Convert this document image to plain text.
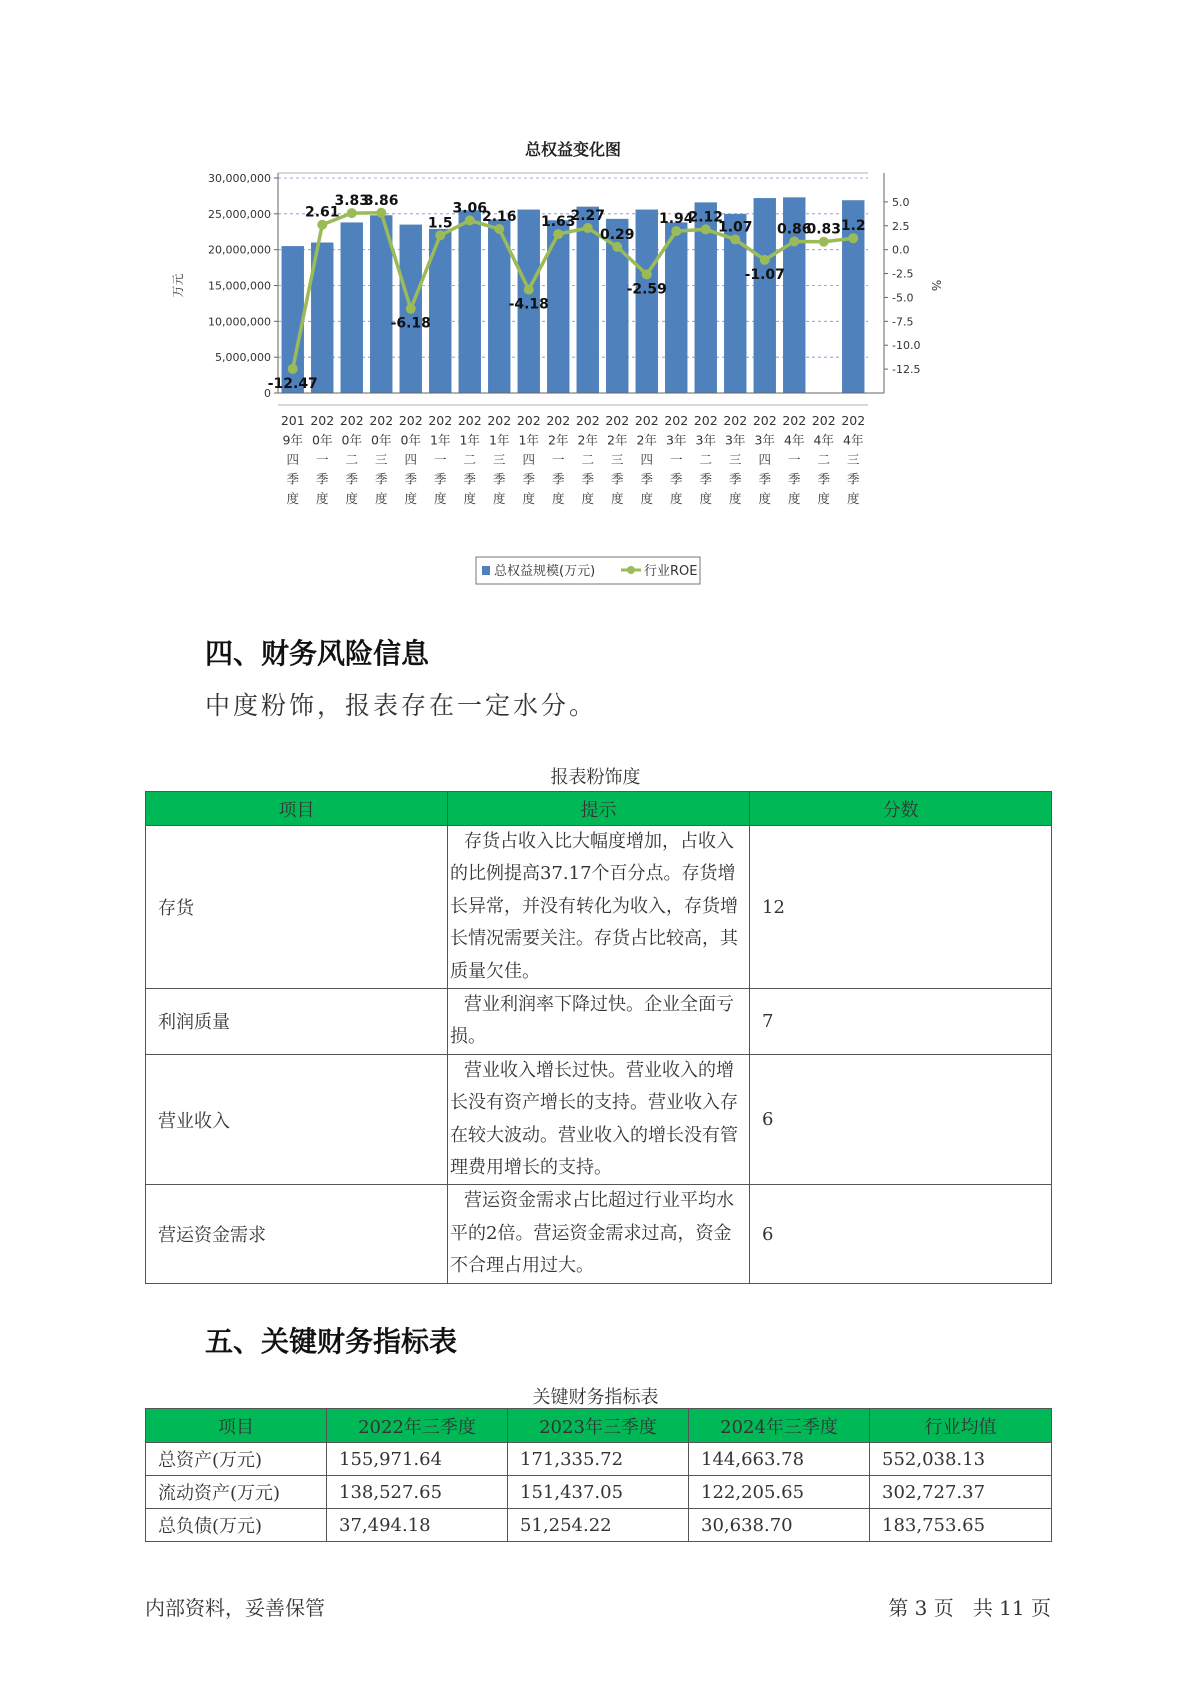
总权益变化图
0
5,000,000
10,000,000
15,000,000
20,000,000
25,000,000
30,000,000
5.0
2.5
0.0
-2.5
-5.0
-7.5
-10.0
-12.5
-12.47
2.61
3.83
3.86
-6.18
1.5
3.06
2.16
-4.18
1.63
2.27
0.29
-2.59
1.94
2.12
1.07
-1.07
0.86
0.83 1.2
201
9年
四
季
度
202
0年
一
季
度
202
0年
二
季
度
202
0年
三
季
度
202
0年
四
季
度
202
1年
一
季
度
202
1年
二
季
度
202
1年
三
季
度
202
1年
四
季
度
202
2年
一
季
度
202
2年
二
季
度
202
2年
三
季
度
202
2年
四
季
度
202
3年
一
季
度
202
3年
二
季
度
202
3年
三
季
度
202
3年
四
季
度
202
4年
一
季
度
202
4年
二
季
度
202
4年
三
季
度
万元	%
总权益规模(万元)	行业ROE
四、财务风险信息
中度粉饰，报表存在一定水分。
报表粉饰度
项目	提示	分数
存货	存货占收入比大幅度增加，占收入的比例提高37.17个百分点。存货增长异常，并没有转化为收入，存货增长情况需要关注。存货占比较高，其质量欠佳。	12
利润质量	营业利润率下降过快。企业全面亏损。	7
营业收入	营业收入增长过快。营业收入的增长没有资产增长的支持。营业收入存在较大波动。营业收入的增长没有管理费用增长的支持。	6
营运资金需求	营运资金需求占比超过行业平均水平的2倍。营运资金需求过高，资金不合理占用过大。	6
五、关键财务指标表
关键财务指标表
项目	2022年三季度	2023年三季度	2024年三季度	行业均值
总资产(万元)	155,971.64	171,335.72	144,663.78	552,038.13
流动资产(万元)	138,527.65	151,437.05	122,205.65	302,727.37
总负债(万元)	37,494.18	51,254.22	30,638.70	183,753.65
内部资料，妥善保管	第 3 页   共 11 页
